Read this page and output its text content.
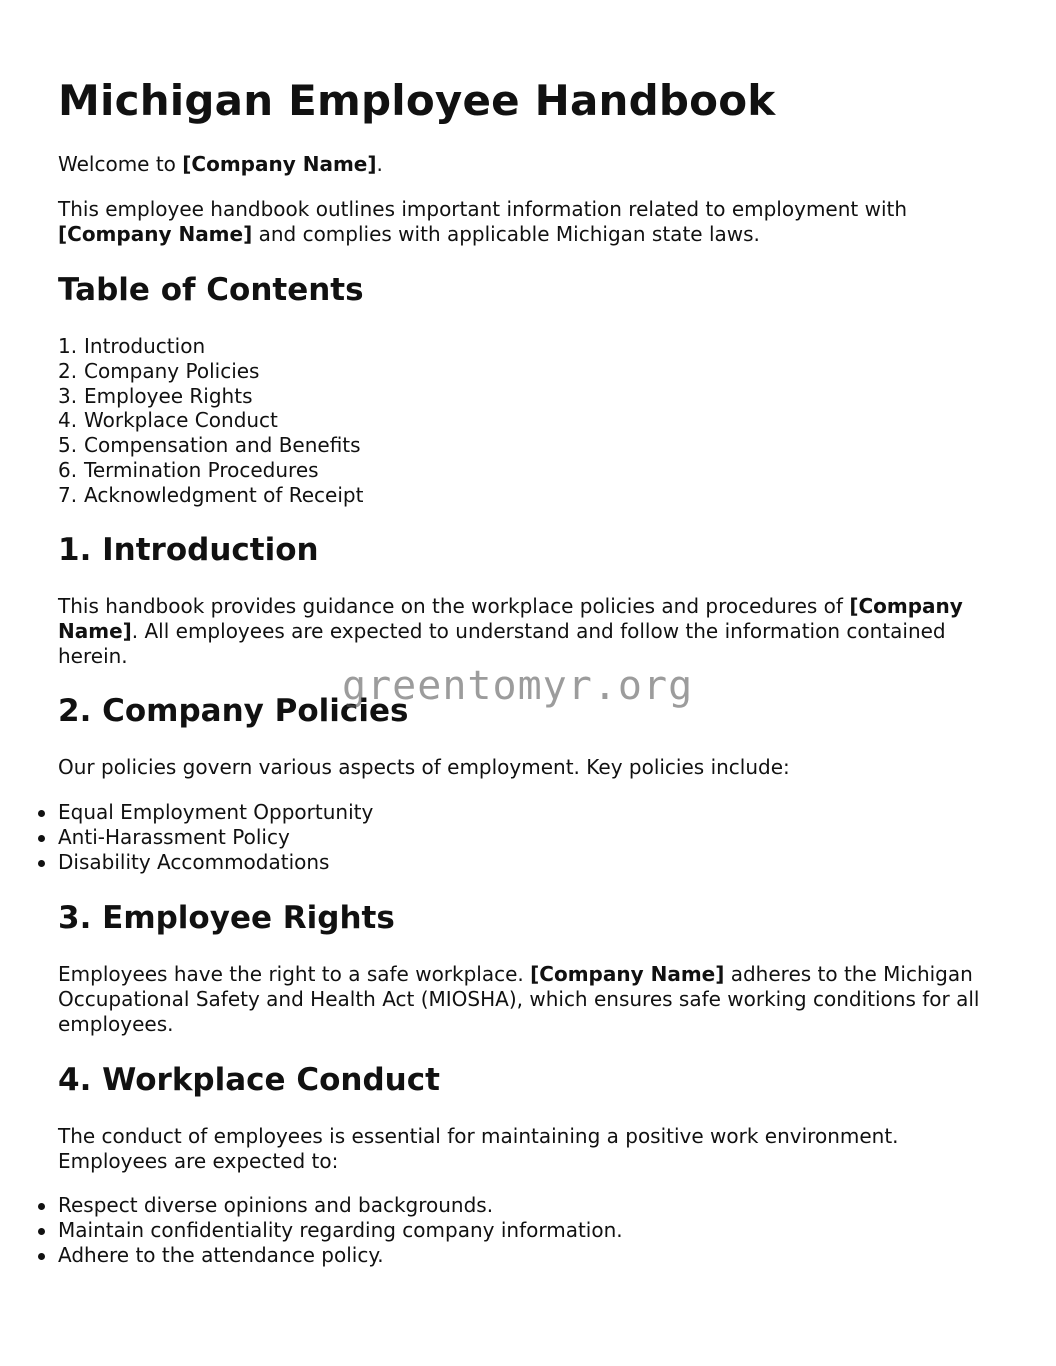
Michigan Employee Handbook

Welcome to [Company Name].

This employee handbook outlines important information related to employment with [Company Name] and complies with applicable Michigan state laws.

Table of Contents
1. Introduction
2. Company Policies
3. Employee Rights
4. Workplace Conduct
5. Compensation and Benefits
6. Termination Procedures
7. Acknowledgment of Receipt
1. Introduction

This handbook provides guidance on the workplace policies and procedures of [Company Name]. All employees are expected to understand and follow the information contained herein.

2. Company Policies

Our policies govern various aspects of employment. Key policies include:

Equal Employment Opportunity
Anti-Harassment Policy
Disability Accommodations
3. Employee Rights

Employees have the right to a safe workplace. [Company Name] adheres to the Michigan Occupational Safety and Health Act (MIOSHA), which ensures safe working conditions for all employees.

4. Workplace Conduct

The conduct of employees is essential for maintaining a positive work environment. Employees are expected to:

Respect diverse opinions and backgrounds.
Maintain confidentiality regarding company information.
Adhere to the attendance policy.
greentomyr.org
